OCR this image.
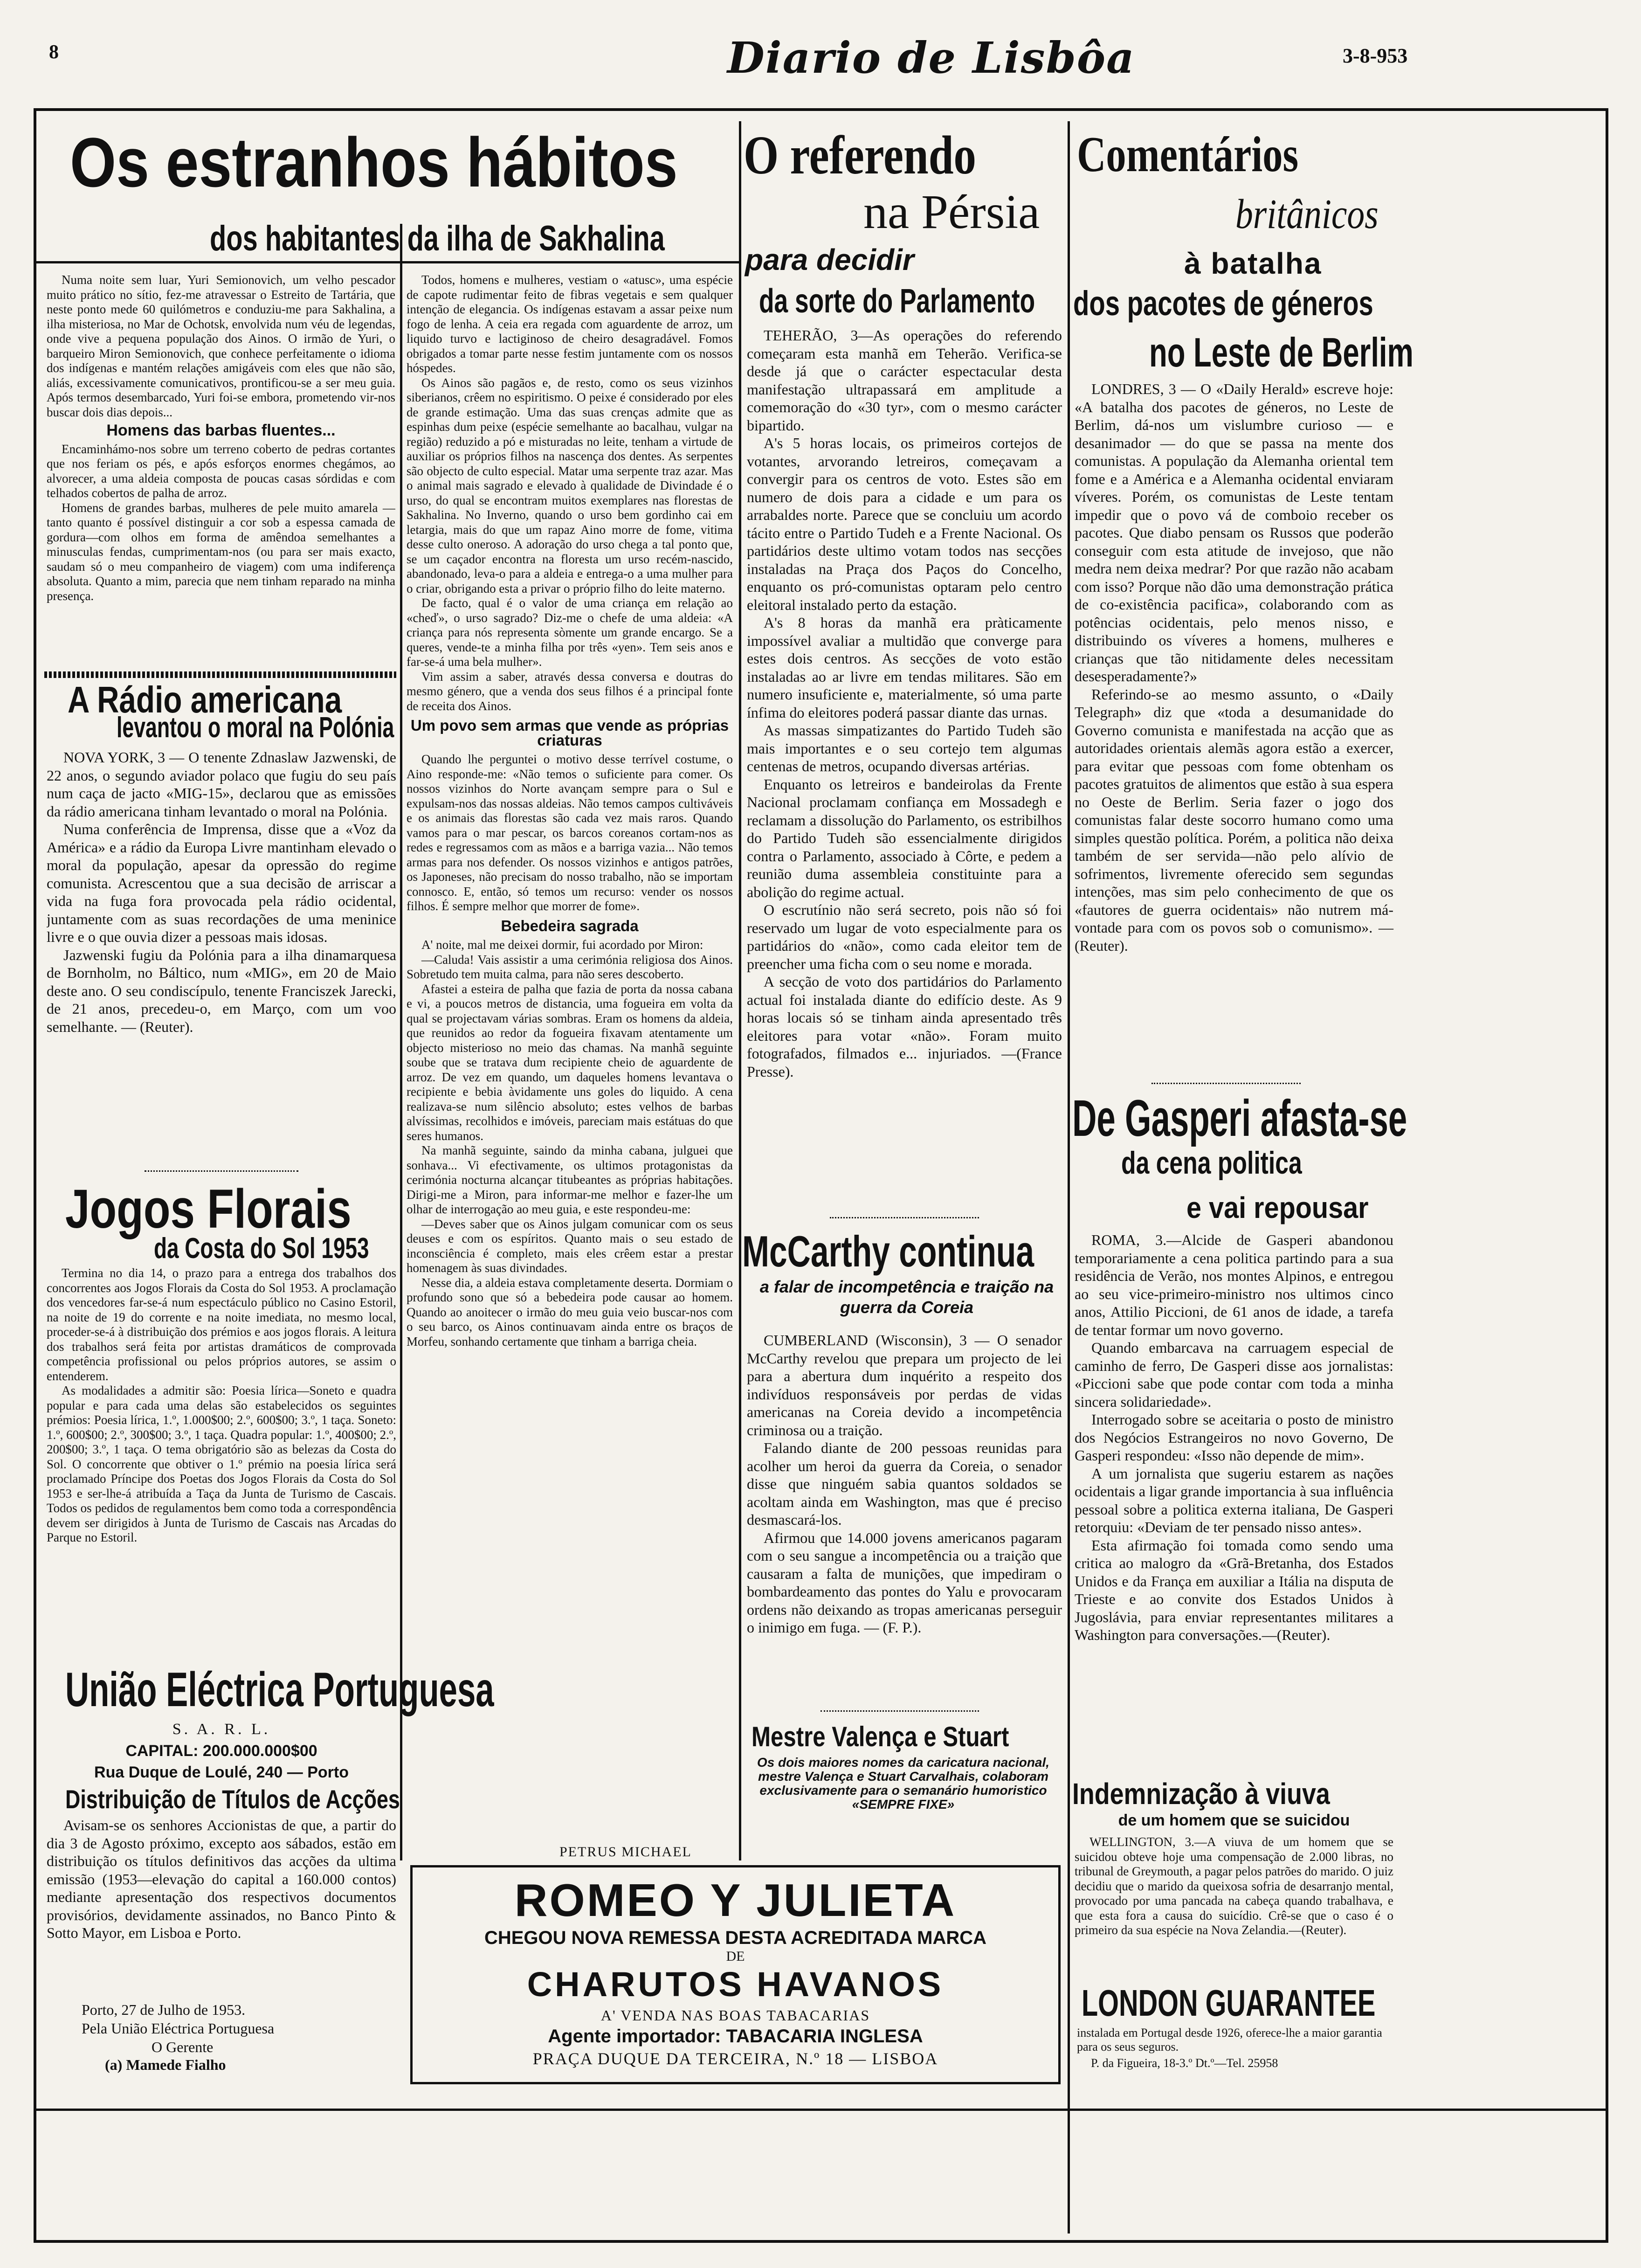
8	Diario de Lisbôa	3-8-953
Os estranhos hábitos
dos habitantes da ilha de Sakhalina

Numa noite sem luar, Yuri Semionovich, um velho pescador muito prático no sítio, fez-me atravessar o Estreito de Tartária, que neste ponto mede 60 quilómetros e conduziu-me para Sakhalina, a ilha misteriosa, no Mar de Ochotsk, envolvida num véu de legendas, onde vive a pequena população dos Ainos. O irmão de Yuri, o barqueiro Miron Semionovich, que conhece perfeitamente o idioma dos indígenas e mantém relações amigáveis com eles que não são, aliás, excessivamente comunicativos, prontificou-se a ser meu guia. Após termos desembarcado, Yuri foi-se embora, prometendo vir-nos buscar dois dias depois...

Homens das barbas fluentes...

Encaminhámo-nos sobre um terreno coberto de pedras cortantes que nos feriam os pés, e após esforços enormes chegámos, ao alvorecer, a uma aldeia composta de poucas casas sórdidas e com telhados cobertos de palha de arroz.

Homens de grandes barbas, mulheres de pele muito amarela — tanto quanto é possível distinguir a cor sob a espessa camada de gordura—com olhos em forma de amêndoa semelhantes a minusculas fendas, cumprimentam-nos (ou para ser mais exacto, saudam só o meu companheiro de viagem) com uma indiferença absoluta. Quanto a mim, parecia que nem tinham reparado na minha presença.

Todos, homens e mulheres, vestiam o «atusc», uma espécie de capote rudimentar feito de fibras vegetais e sem qualquer intenção de elegancia. Os indígenas estavam a assar peixe num fogo de lenha. A ceia era regada com aguardente de arroz, um liquido turvo e lactiginoso de cheiro desagradável. Fomos obrigados a tomar parte nesse festim juntamente com os nossos hóspedes.

Os Ainos são pagãos e, de resto, como os seus vizinhos siberianos, crêem no espiritismo. O peixe é considerado por eles de grande estimação. Uma das suas crenças admite que as espinhas dum peixe (espécie semelhante ao bacalhau, vulgar na região) reduzido a pó e misturadas no leite, tenham a virtude de auxiliar os próprios filhos na nascença dos dentes. As serpentes são objecto de culto especial. Matar uma serpente traz azar. Mas o animal mais sagrado e elevado à qualidade de Divindade é o urso, do qual se encontram muitos exemplares nas florestas de Sakhalina. No Inverno, quando o urso bem gordinho cai em letargia, mais do que um rapaz Aino morre de fome, vitima desse culto oneroso. A adoração do urso chega a tal ponto que, se um caçador encontra na floresta um urso recém-nascido, abandonado, leva-o para a aldeia e entrega-o a uma mulher para o criar, obrigando esta a privar o próprio filho do leite materno.

De facto, qual é o valor de uma criança em relação ao «cheď», o urso sagrado? Diz-me o chefe de uma aldeia: «A criança para nós representa sòmente um grande encargo. Se a queres, vende-te a minha filha por três «yen». Tem seis anos e far-se-á uma bela mulher».

Vim assim a saber, através dessa conversa e doutras do mesmo género, que a venda dos seus filhos é a principal fonte de receita dos Ainos.

Um povo sem armas que vende as próprias criaturas

Quando lhe perguntei o motivo desse terrível costume, o Aino responde-me: «Não temos o suficiente para comer. Os nossos vizinhos do Norte avançam sempre para o Sul e expulsam-nos das nossas aldeias. Não temos campos cultiváveis e os animais das florestas são cada vez mais raros. Quando vamos para o mar pescar, os barcos coreanos cortam-nos as redes e regressamos com as mãos e a barriga vazia... Não temos armas para nos defender. Os nossos vizinhos e antigos patrões, os Japoneses, não precisam do nosso trabalho, não se importam connosco. E, então, só temos um recurso: vender os nossos filhos. É sempre melhor que morrer de fome».

Bebedeira sagrada

A' noite, mal me deixei dormir, fui acordado por Miron:

—Caluda! Vais assistir a uma cerimónia religiosa dos Ainos. Sobretudo tem muita calma, para não seres descoberto.

Afastei a esteira de palha que fazia de porta da nossa cabana e vi, a poucos metros de distancia, uma fogueira em volta da qual se projectavam várias sombras. Eram os homens da aldeia, que reunidos ao redor da fogueira fixavam atentamente um objecto misterioso no meio das chamas. Na manhã seguinte soube que se tratava dum recipiente cheio de aguardente de arroz. De vez em quando, um daqueles homens levantava o recipiente e bebia àvidamente uns goles do liquido. A cena realizava-se num silêncio absoluto; estes velhos de barbas alvíssimas, recolhidos e imóveis, pareciam mais estátuas do que seres humanos.

Na manhã seguinte, saindo da minha cabana, julguei que sonhava... Vi efectivamente, os ultimos protagonistas da cerimónia nocturna alcançar titubeantes as próprias habitações. Dirigi-me a Miron, para informar-me melhor e fazer-lhe um olhar de interrogação ao meu guia, e este respondeu-me:

—Deves saber que os Ainos julgam comunicar com os seus deuses e com os espíritos. Quanto mais o seu estado de inconsciência é completo, mais eles crêem estar a prestar homenagem às suas divindades.

Nesse dia, a aldeia estava completamente deserta. Dormiam o profundo sono que só a bebedeira pode causar ao homem. Quando ao anoitecer o irmão do meu guia veio buscar-nos com o seu barco, os Ainos continuavam ainda entre os braços de Morfeu, sonhando certamente que tinham a barriga cheia.

PETRUS MICHAEL
A Rádio americana
levantou o moral na Polónia

NOVA YORK, 3 — O tenente Zdnaslaw Jazwenski, de 22 anos, o segundo aviador polaco que fugiu do seu país num caça de jacto «MIG-15», declarou que as emissões da rádio americana tinham levantado o moral na Polónia.

Numa conferência de Imprensa, disse que a «Voz da América» e a rádio da Europa Livre mantinham elevado o moral da população, apesar da opressão do regime comunista. Acrescentou que a sua decisão de arriscar a vida na fuga fora provocada pela rádio ocidental, juntamente com as suas recordações de uma meninice livre e o que ouvia dizer a pessoas mais idosas.

Jazwenski fugiu da Polónia para a ilha dinamarquesa de Bornholm, no Báltico, num «MIG», em 20 de Maio deste ano. O seu condiscípulo, tenente Franciszek Jarecki, de 21 anos, precedeu-o, em Março, com um voo semelhante. — (Reuter).

Jogos Florais
da Costa do Sol 1953

Termina no dia 14, o prazo para a entrega dos trabalhos dos concorrentes aos Jogos Florais da Costa do Sol 1953. A proclamação dos vencedores far-se-á num espectáculo público no Casino Estoril, na noite de 19 do corrente e na noite imediata, no mesmo local, proceder-se-á à distribuição dos prémios e aos jogos florais. A leitura dos trabalhos será feita por artistas dramáticos de comprovada competência profissional ou pelos próprios autores, se assim o entenderem.

As modalidades a admitir são: Poesia lírica—Soneto e quadra popular e para cada uma delas são estabelecidos os seguintes prémios: Poesia lírica, 1.º, 1.000$00; 2.º, 600$00; 3.º, 1 taça. Soneto: 1.º, 600$00; 2.º, 300$00; 3.º, 1 taça. Quadra popular: 1.º, 400$00; 2.º, 200$00; 3.º, 1 taça. O tema obrigatório são as belezas da Costa do Sol. O concorrente que obtiver o 1.º prémio na poesia lírica será proclamado Príncipe dos Poetas dos Jogos Florais da Costa do Sol 1953 e ser-lhe-á atribuída a Taça da Junta de Turismo de Cascais. Todos os pedidos de regulamentos bem como toda a correspondência devem ser dirigidos à Junta de Turismo de Cascais nas Arcadas do Parque no Estoril.

União Eléctrica Portuguesa
S. A. R. L.
CAPITAL: 200.000.000$00
Rua Duque de Loulé, 240 — Porto
Distribuição de Títulos de Acções

Avisam-se os senhores Accionistas de que, a partir do dia 3 de Agosto próximo, excepto aos sábados, estão em distribuição os títulos definitivos das acções da ultima emissão (1953—elevação do capital a 160.000 contos) mediante apresentação dos respectivos documentos provisórios, devidamente assinados, no Banco Pinto & Sotto Mayor, em Lisboa e Porto.

Porto, 27 de Julho de 1953.
Pela União Eléctrica Portuguesa
O Gerente
(a) Mamede Fialho
O referendo
na Pérsia
para decidir
da sorte do Parlamento

TEHERÃO, 3—As operações do referendo começaram esta manhã em Teherão. Verifica-se desde já que o carácter espectacular desta manifestação ultrapassará em amplitude a comemoração do «30 tyr», com o mesmo carácter bipartido.

A's 5 horas locais, os primeiros cortejos de votantes, arvorando letreiros, começavam a convergir para os centros de voto. Estes são em numero de dois para a cidade e um para os arrabaldes norte. Parece que se concluiu um acordo tácito entre o Partido Tudeh e a Frente Nacional. Os partidários deste ultimo votam todos nas secções instaladas na Praça dos Paços do Concelho, enquanto os pró-comunistas optaram pelo centro eleitoral instalado perto da estação.

A's 8 horas da manhã era pràticamente impossível avaliar a multidão que converge para estes dois centros. As secções de voto estão instaladas ao ar livre em tendas militares. São em numero insuficiente e, materialmente, só uma parte ínfima do eleitores poderá passar diante das urnas.

As massas simpatizantes do Partido Tudeh são mais importantes e o seu cortejo tem algumas centenas de metros, ocupando diversas artérias.

Enquanto os letreiros e bandeirolas da Frente Nacional proclamam confiança em Mossadegh e reclamam a dissolução do Parlamento, os estribilhos do Partido Tudeh são essencialmente dirigidos contra o Parlamento, associado à Côrte, e pedem a reunião duma assembleia constituinte para a abolição do regime actual.

O escrutínio não será secreto, pois não só foi reservado um lugar de voto especialmente para os partidários do «não», como cada eleitor tem de preencher uma ficha com o seu nome e morada.

A secção de voto dos partidários do Parlamento actual foi instalada diante do edifício deste. As 9 horas locais só se tinham ainda apresentado três eleitores para votar «não». Foram muito fotografados, filmados e... injuriados. —(France Presse).

McCarthy continua
a falar de incompetência e traição na guerra da Coreia

CUMBERLAND (Wisconsin), 3 — O senador McCarthy revelou que prepara um projecto de lei para a abertura dum inquérito a respeito dos indivíduos responsáveis por perdas de vidas americanas na Coreia devido a incompetência criminosa ou a traição.

Falando diante de 200 pessoas reunidas para acolher um heroi da guerra da Coreia, o senador disse que ninguém sabia quantos soldados se acoltam ainda em Washington, mas que é preciso desmascará-los.

Afirmou que 14.000 jovens americanos pagaram com o seu sangue a incompetência ou a traição que causaram a falta de munições, que impediram o bombardeamento das pontes do Yalu e provocaram ordens não deixando as tropas americanas perseguir o inimigo em fuga. — (F. P.).

Mestre Valença e Stuart
Os dois maiores nomes da caricatura nacional, mestre Valença e Stuart Carvalhais, colaboram exclusivamente para o semanário humoristico «SEMPRE FIXE»
Comentários
britânicos
à batalha
dos pacotes de géneros
no Leste de Berlim

LONDRES, 3 — O «Daily Herald» escreve hoje: «A batalha dos pacotes de géneros, no Leste de Berlim, dá-nos um vislumbre curioso — e desanimador — do que se passa na mente dos comunistas. A população da Alemanha oriental tem fome e a América e a Alemanha ocidental enviaram víveres. Porém, os comunistas de Leste tentam impedir que o povo vá de comboio receber os pacotes. Que diabo pensam os Russos que poderão conseguir com esta atitude de invejoso, que não medra nem deixa medrar? Por que razão não acabam com isso? Porque não dão uma demonstração prática de co-existência pacifica», colaborando com as potências ocidentais, pelo menos nisso, e distribuindo os víveres a homens, mulheres e crianças que tão nitidamente deles necessitam desesperadamente?»

Referindo-se ao mesmo assunto, o «Daily Telegraph» diz que «toda a desumanidade do Governo comunista e manifestada na acção que as autoridades orientais alemãs agora estão a exercer, para evitar que pessoas com fome obtenham os pacotes gratuitos de alimentos que estão à sua espera no Oeste de Berlim. Seria fazer o jogo dos comunistas falar deste socorro humano como uma simples questão política. Porém, a politica não deixa também de ser servida—não pelo alívio de sofrimentos, livremente oferecido sem segundas intenções, mas sim pelo conhecimento de que os «fautores de guerra ocidentais» não nutrem má-vontade para com os povos sob o comunismo». — (Reuter).

De Gasperi afasta-se
da cena politica
e vai repousar

ROMA, 3.—Alcide de Gasperi abandonou temporariamente a cena politica partindo para a sua residência de Verão, nos montes Alpinos, e entregou ao seu vice-primeiro-ministro nos ultimos cinco anos, Attilio Piccioni, de 61 anos de idade, a tarefa de tentar formar um novo governo.

Quando embarcava na carruagem especial de caminho de ferro, De Gasperi disse aos jornalistas: «Piccioni sabe que pode contar com toda a minha sincera solidariedade».

Interrogado sobre se aceitaria o posto de ministro dos Negócios Estrangeiros no novo Governo, De Gasperi respondeu: «Isso não depende de mim».

A um jornalista que sugeriu estarem as nações ocidentais a ligar grande importancia à sua influência pessoal sobre a politica externa italiana, De Gasperi retorquiu: «Deviam de ter pensado nisso antes».

Esta afirmação foi tomada como sendo uma critica ao malogro da «Grã-Bretanha, dos Estados Unidos e da França em auxiliar a Itália na disputa de Trieste e ao convite dos Estados Unidos à Jugoslávia, para enviar representantes militares a Washington para conversações.—(Reuter).

Indemnização à viuva
de um homem que se suicidou

WELLINGTON, 3.—A viuva de um homem que se suicidou obteve hoje uma compensação de 2.000 libras, no tribunal de Greymouth, a pagar pelos patrões do marido. O juiz decidiu que o marido da queixosa sofria de desarranjo mental, provocado por uma pancada na cabeça quando trabalhava, e que esta fora a causa do suicídio. Crê-se que o caso é o primeiro da sua espécie na Nova Zelandia.—(Reuter).

LONDON GUARANTEE
instalada em Portugal desde 1926, oferece-lhe a maior garantia para os seus seguros.
P. da Figueira, 18-3.º Dt.º—Tel. 25958
ROMEO Y JULIETA
CHEGOU NOVA REMESSA DESTA ACREDITADA MARCA
DE
CHARUTOS HAVANOS
A' VENDA NAS BOAS TABACARIAS
Agente importador: TABACARIA INGLESA
PRAÇA DUQUE DA TERCEIRA, N.º 18 — LISBOA
